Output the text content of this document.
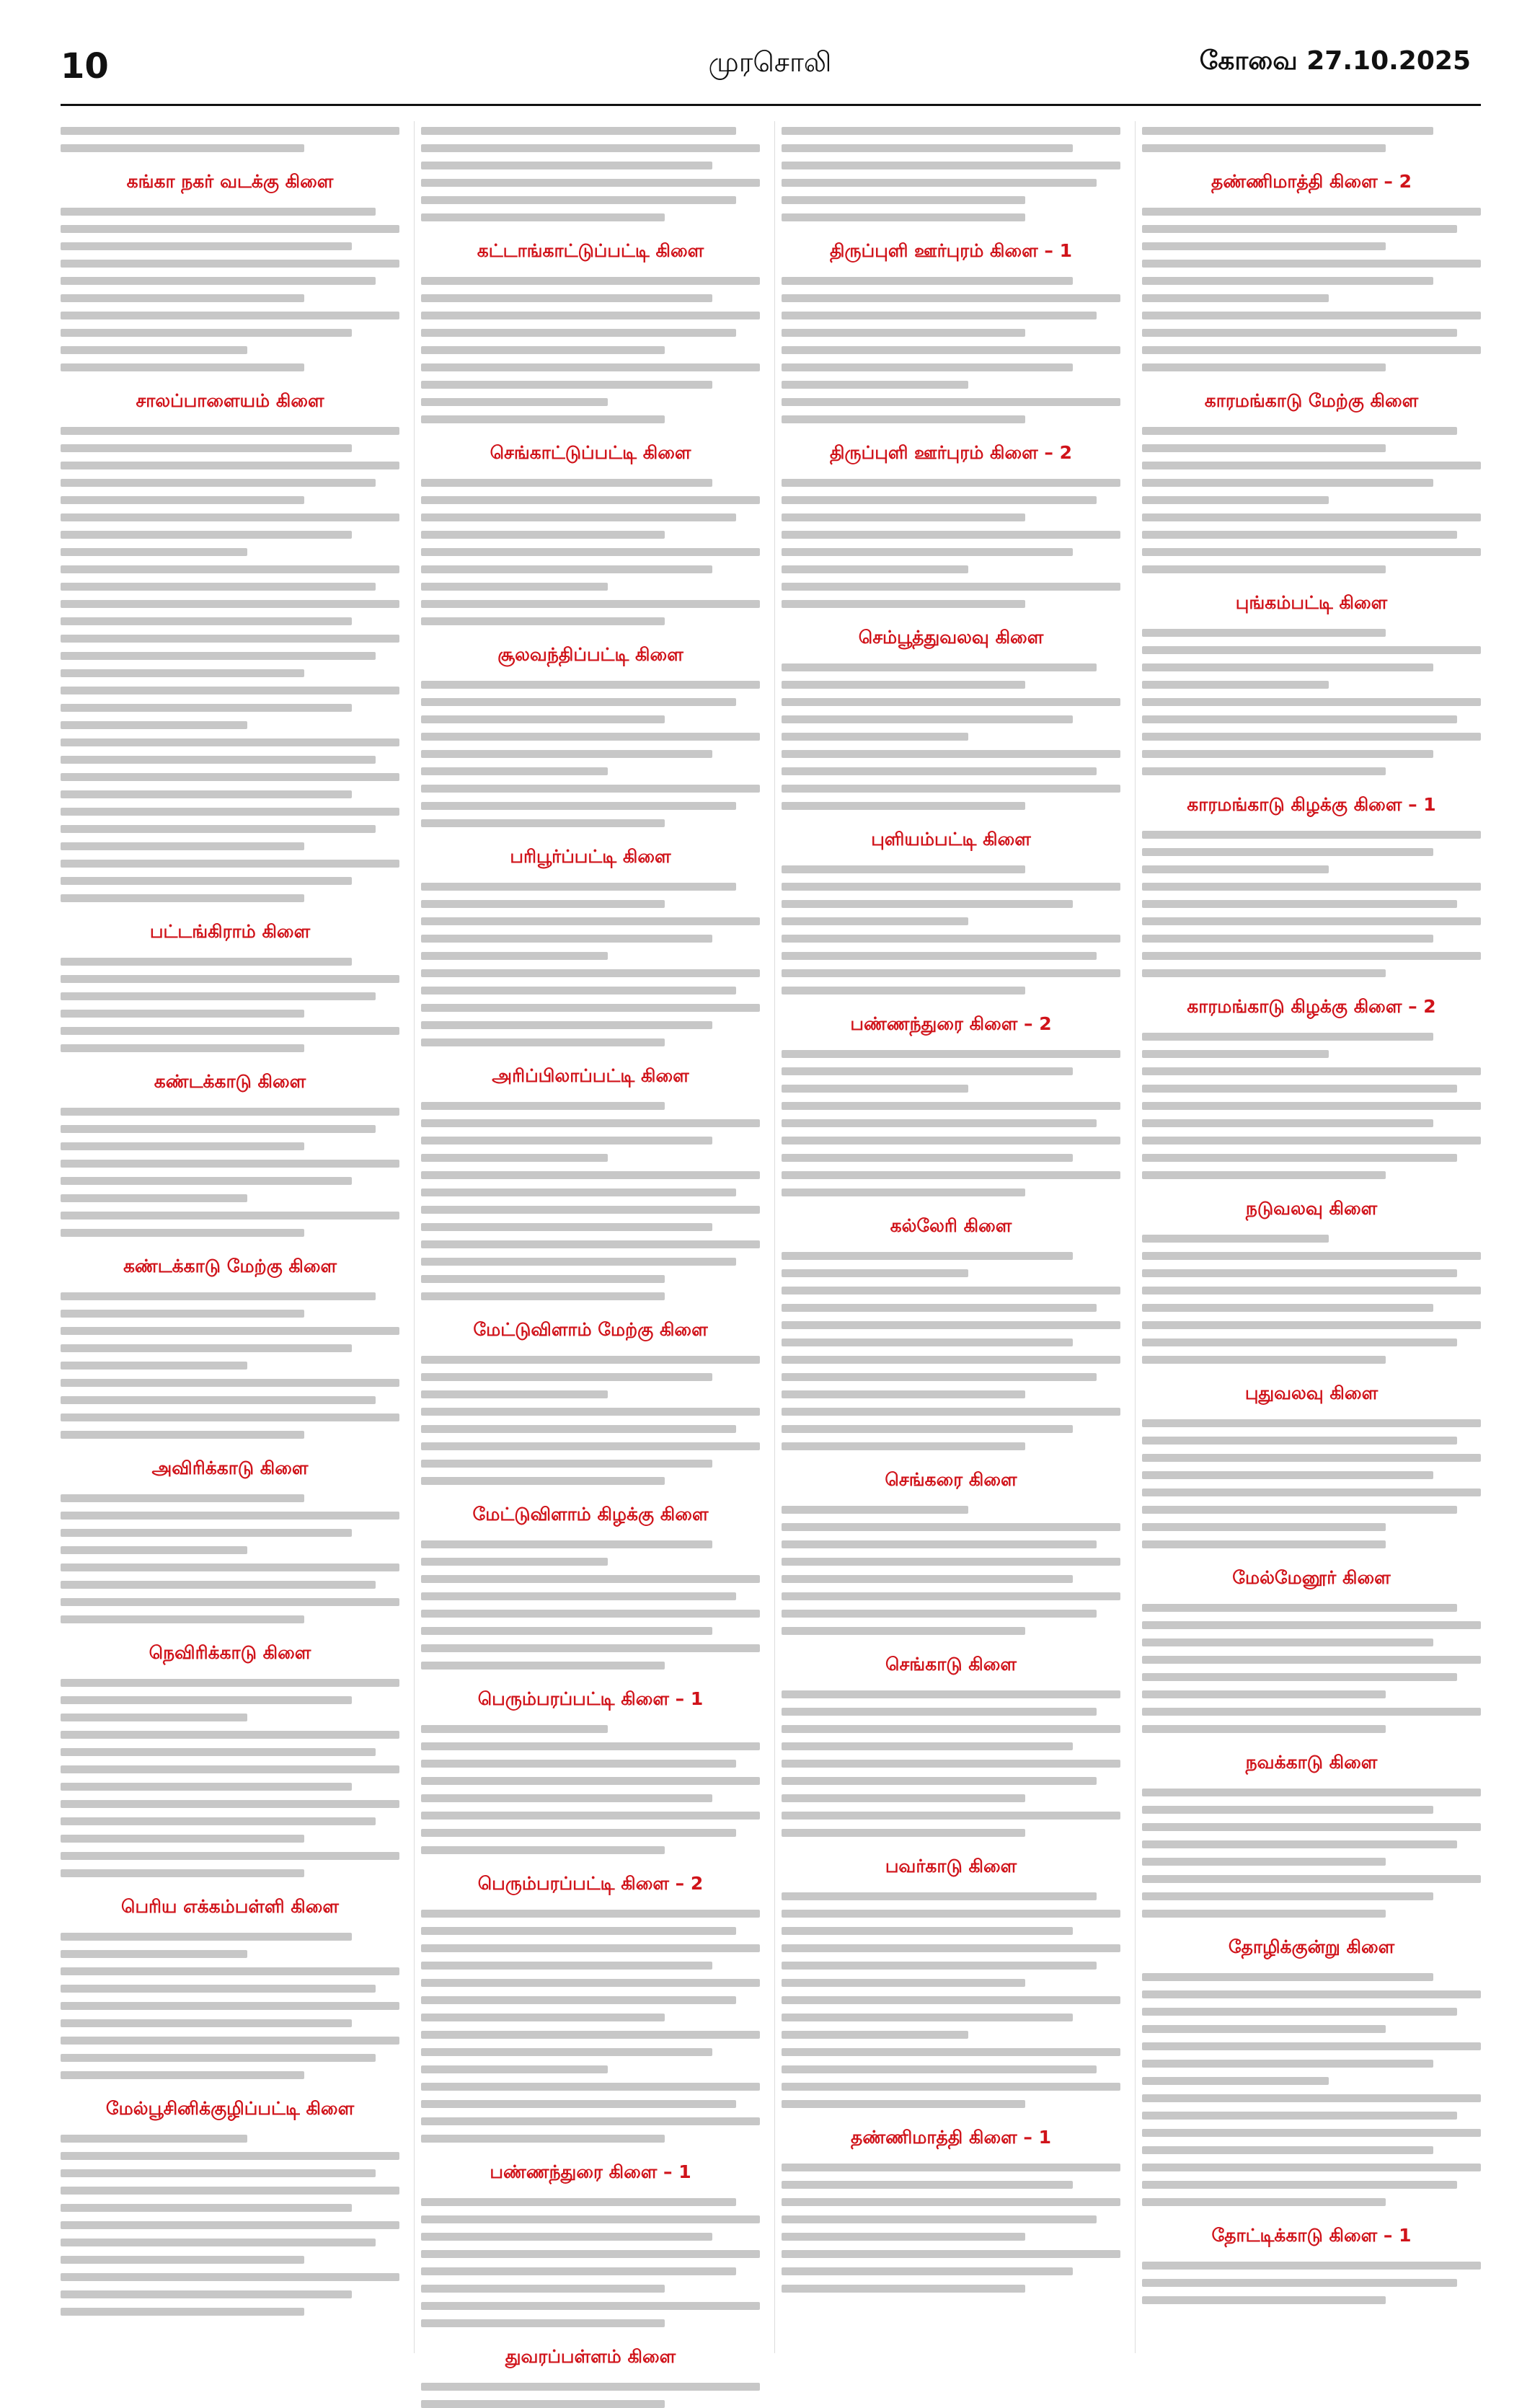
10	முரசொலி	கோவை 27.10.2025
கங்கா நகர் வடக்கு கிளை
சாலப்பாளையம் கிளை
பட்டங்கிராம் கிளை
கண்டக்காடு கிளை
கண்டக்காடு மேற்கு கிளை
அவிரிக்காடு கிளை
நெவிரிக்காடு கிளை
பெரிய எக்கம்பள்ளி கிளை
மேல்பூசினிக்குழிப்பட்டி கிளை
கட்டாங்காட்டுப்பட்டி கிளை
செங்காட்டுப்பட்டி கிளை
சூலவந்திப்பட்டி கிளை
பரிபூர்ப்பட்டி கிளை
அரிப்பிலாப்பட்டி கிளை
மேட்டுவிளாம் மேற்கு கிளை
மேட்டுவிளாம் கிழக்கு கிளை
பெரும்பரப்பட்டி கிளை – 1
பெரும்பரப்பட்டி கிளை – 2
பண்ணந்துரை கிளை – 1
துவரப்பள்ளம் கிளை
திருப்புளி ஊர்புரம் கிளை – 1
திருப்புளி ஊர்புரம் கிளை – 2
செம்பூத்துவலவு கிளை
புளியம்பட்டி கிளை
பண்ணந்துரை கிளை – 2
கல்லேரி கிளை
செங்கரை கிளை
செங்காடு கிளை
பவர்காடு கிளை
தண்ணிமாத்தி கிளை – 1
தண்ணிமாத்தி கிளை – 2
காரமங்காடு மேற்கு கிளை
புங்கம்பட்டி கிளை
காரமங்காடு கிழக்கு கிளை – 1
காரமங்காடு கிழக்கு கிளை – 2
நடுவலவு கிளை
புதுவலவு கிளை
மேல்மேனூர் கிளை
நவக்காடு கிளை
தோழிக்குன்று கிளை
தோட்டிக்காடு கிளை – 1
